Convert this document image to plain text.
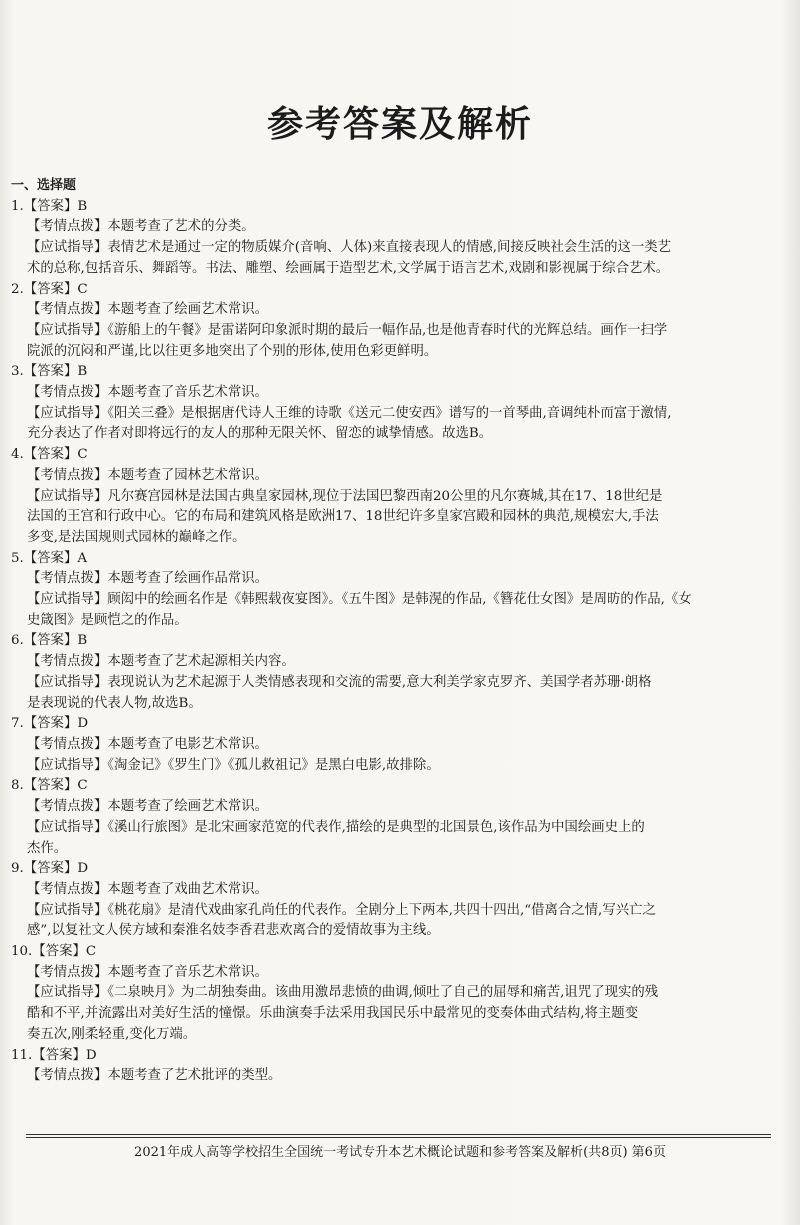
参考答案及解析
一、选择题
1.【答案】B
【考情点拨】本题考查了艺术的分类。
【应试指导】表情艺术是通过一定的物质媒介(音响、人体)来直接表现人的情感,间接反映社会生活的这一类艺
术的总称,包括音乐、舞蹈等。书法、雕塑、绘画属于造型艺术,文学属于语言艺术,戏剧和影视属于综合艺术。
2.【答案】C
【考情点拨】本题考查了绘画艺术常识。
【应试指导】《游船上的午餐》是雷诺阿印象派时期的最后一幅作品,也是他青春时代的光辉总结。画作一扫学
院派的沉闷和严谨,比以往更多地突出了个别的形体,使用色彩更鲜明。
3.【答案】B
【考情点拨】本题考查了音乐艺术常识。
【应试指导】《阳关三叠》是根据唐代诗人王维的诗歌《送元二使安西》谱写的一首琴曲,音调纯朴而富于激情,
充分表达了作者对即将远行的友人的那种无限关怀、留恋的诚挚情感。故选B。
4.【答案】C
【考情点拨】本题考查了园林艺术常识。
【应试指导】凡尔赛宫园林是法国古典皇家园林,现位于法国巴黎西南20公里的凡尔赛城,其在17、18世纪是
法国的王宫和行政中心。它的布局和建筑风格是欧洲17、18世纪许多皇家宫殿和园林的典范,规模宏大,手法
多变,是法国规则式园林的巅峰之作。
5.【答案】A
【考情点拨】本题考查了绘画作品常识。
【应试指导】顾闳中的绘画名作是《韩熙载夜宴图》。《五牛图》是韩滉的作品,《簪花仕女图》是周昉的作品,《女
史箴图》是顾恺之的作品。
6.【答案】B
【考情点拨】本题考查了艺术起源相关内容。
【应试指导】表现说认为艺术起源于人类情感表现和交流的需要,意大利美学家克罗齐、美国学者苏珊·朗格
是表现说的代表人物,故选B。
7.【答案】D
【考情点拨】本题考查了电影艺术常识。
【应试指导】《淘金记》《罗生门》《孤儿救祖记》是黑白电影,故排除。
8.【答案】C
【考情点拨】本题考查了绘画艺术常识。
【应试指导】《溪山行旅图》是北宋画家范宽的代表作,描绘的是典型的北国景色,该作品为中国绘画史上的
杰作。
9.【答案】D
【考情点拨】本题考查了戏曲艺术常识。
【应试指导】《桃花扇》是清代戏曲家孔尚任的代表作。全剧分上下两本,共四十四出,“借离合之情,写兴亡之
感”,以复社文人侯方域和秦淮名妓李香君悲欢离合的爱情故事为主线。
10.【答案】C
【考情点拨】本题考查了音乐艺术常识。
【应试指导】《二泉映月》为二胡独奏曲。该曲用激昂悲愤的曲调,倾吐了自己的屈辱和痛苦,诅咒了现实的残
酷和不平,并流露出对美好生活的憧憬。乐曲演奏手法采用我国民乐中最常见的变奏体曲式结构,将主题变
奏五次,刚柔轻重,变化万端。
11.【答案】D
【考情点拨】本题考查了艺术批评的类型。
2021年成人高等学校招生全国统一考试专升本艺术概论试题和参考答案及解析(共8页) 第6页
